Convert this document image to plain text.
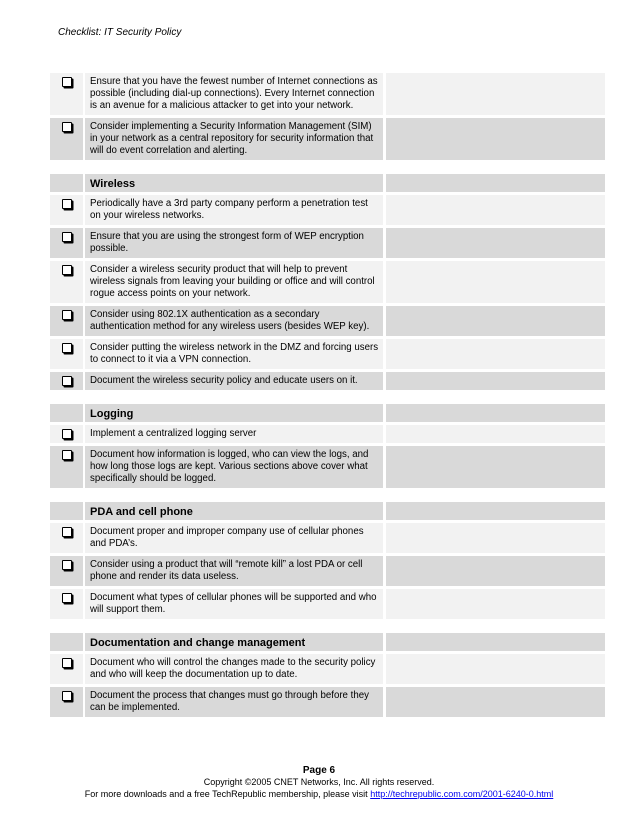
Checklist: IT Security Policy
Ensure that you have the fewest number of Internet connections as possible (including dial-up connections). Every Internet connection is an avenue for a malicious attacker to get into your network.
Consider implementing a Security Information Management (SIM) in your network as a central repository for security information that will do event correlation and alerting.
Wireless
Periodically have a 3rd party company perform a penetration test on your wireless networks.
Ensure that you are using the strongest form of WEP encryption possible.
Consider a wireless security product that will help to prevent wireless signals from leaving your building or office and will control rogue access points on your network.
Consider using 802.1X authentication as a secondary authentication method for any wireless users (besides WEP key).
Consider putting the wireless network in the DMZ and forcing users to connect to it via a VPN connection.
Document the wireless security policy and educate users on it.
Logging
Implement a centralized logging server
Document how information is logged, who can view the logs, and how long those logs are kept. Various sections above cover what specifically should be logged.
PDA and cell phone
Document proper and improper company use of cellular phones and PDA’s.
Consider using a product that will “remote kill” a lost PDA or cell phone and render its data useless.
Document what types of cellular phones will be supported and who will support them.
Documentation and change management
Document who will control the changes made to the security policy and who will keep the documentation up to date.
Document the process that changes must go through before they can be implemented.
Page 6
Copyright ©2005 CNET Networks, Inc. All rights reserved.
For more downloads and a free TechRepublic membership, please visit http://techrepublic.com.com/2001-6240-0.html
